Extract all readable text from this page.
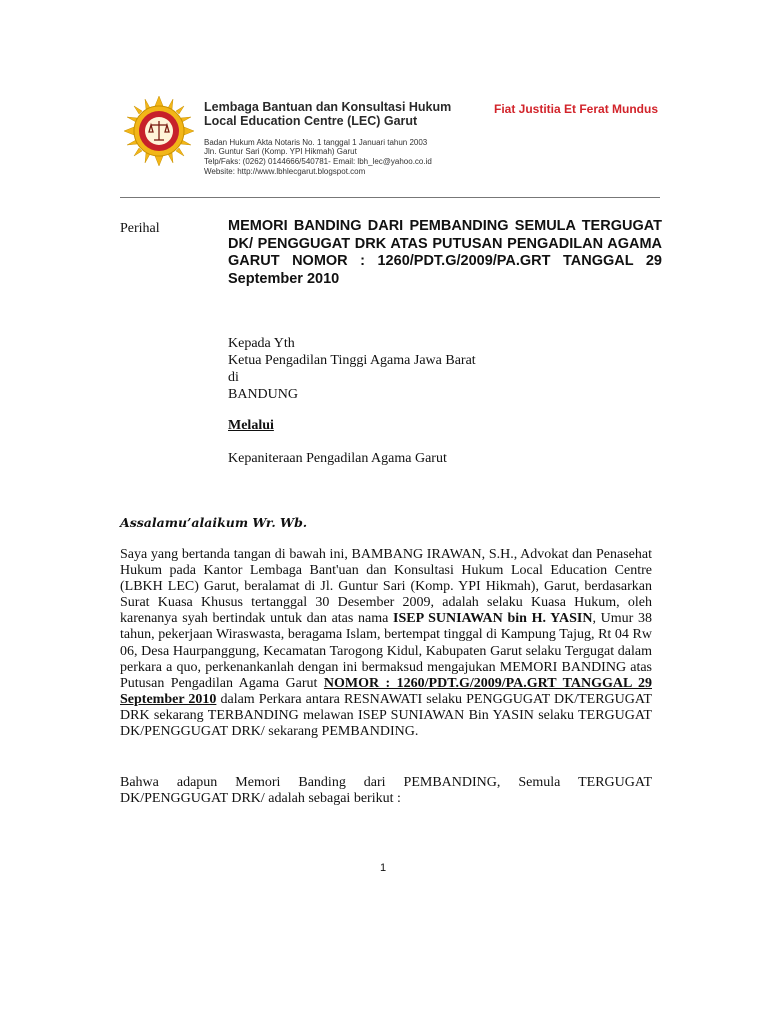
Lembaga Bantuan dan Konsultasi Hukum
Local Education Centre (LEC) Garut
Fiat Justitia Et Ferat Mundus
Badan Hukum Akta Notaris No. 1 tanggal 1 Januari tahun 2003
Jln. Guntur Sari (Komp. YPI Hikmah) Garut
Telp/Faks: (0262) 0144666/540781- Email: lbh_lec@yahoo.co.id
Website: http://www.lbhlecgarut.blogspot.com
Perihal	MEMORI BANDING DARI PEMBANDING SEMULA TERGUGAT DK/ PENGGUGAT DRK ATAS PUTUSAN PENGADILAN AGAMA GARUT NOMOR : 1260/PDT.G/2009/PA.GRT TANGGAL 29 September 2010
Kepada Yth
Ketua Pengadilan Tinggi Agama Jawa Barat
di
BANDUNG
Melalui
Kepaniteraan Pengadilan Agama Garut
Assalamu’alaikum Wr. Wb.
Saya yang bertanda tangan di bawah ini, BAMBANG IRAWAN, S.H., Advokat dan Penasehat Hukum pada Kantor Lembaga Bant'uan dan Konsultasi Hukum Local Education Centre (LBKH LEC) Garut, beralamat di Jl. Guntur Sari (Komp. YPI Hikmah), Garut, berdasarkan Surat Kuasa Khusus tertanggal 30 Desember 2009, adalah selaku Kuasa Hukum, oleh karenanya syah bertindak untuk dan atas nama ISEP SUNIAWAN bin H. YASIN, Umur 38 tahun, pekerjaan Wiraswasta, beragama Islam, bertempat tinggal di Kampung Tajug, Rt 04 Rw 06, Desa Haurpanggung, Kecamatan Tarogong Kidul, Kabupaten Garut selaku Tergugat dalam perkara a quo, perkenankanlah dengan ini bermaksud mengajukan MEMORI BANDING atas Putusan Pengadilan Agama Garut NOMOR : 1260/PDT.G/2009/PA.GRT TANGGAL 29 September 2010 dalam Perkara antara RESNAWATI selaku PENGGUGAT DK/TERGUGAT DRK sekarang TERBANDING melawan ISEP SUNIAWAN Bin YASIN selaku TERGUGAT DK/PENGGUGAT DRK/ sekarang PEMBANDING.
Bahwa adapun Memori Banding dari PEMBANDING, Semula TERGUGAT DK/PENGGUGAT DRK/ adalah sebagai berikut :
1
